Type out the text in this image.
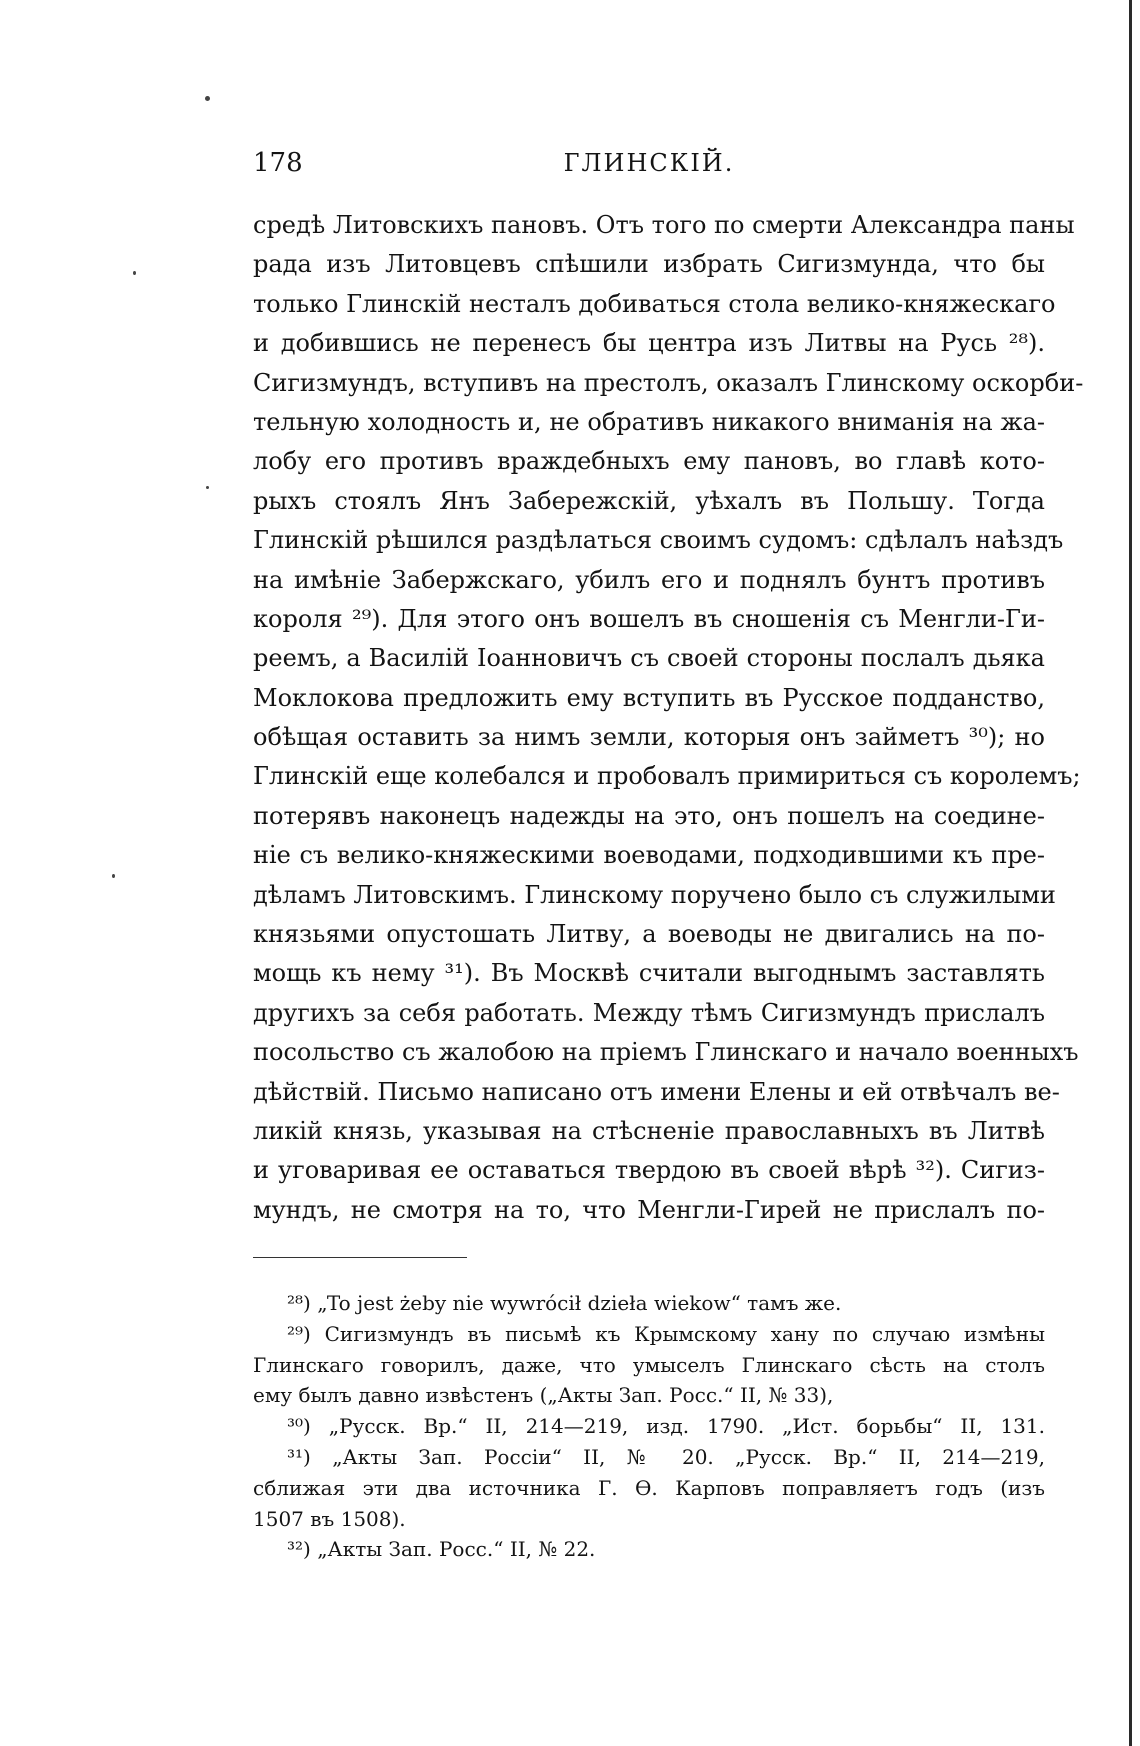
178	ГЛИНСКІЙ.
средѣ Литовскихъ пановъ. Отъ того по смерти Александра паны
рада изъ Литовцевъ спѣшили избрать Сигизмунда, что бы
только Глинскій несталъ добиваться стола велико-княжескаго
и добившись не перенесъ бы центра изъ Литвы на Русь ²⁸).
Сигизмундъ, вступивъ на престолъ, оказалъ Глинскому оскорби-
тельную холодность и, не обративъ никакого вниманія на жа-
лобу его противъ враждебныхъ ему пановъ, во главѣ кото-
рыхъ стоялъ Янъ Забережскій, уѣхалъ въ Польшу. Тогда
Глинскій рѣшился раздѣлаться своимъ судомъ: сдѣлалъ наѣздъ
на имѣніе Забержскаго, убилъ его и поднялъ бунтъ противъ
короля ²⁹). Для этого онъ вошелъ въ сношенія съ Менгли-Ги-
реемъ, а Василій Іоанновичъ съ своей стороны послалъ дьяка
Моклокова предложить ему вступить въ Русское подданство,
обѣщая оставить за нимъ земли, которыя онъ займетъ ³⁰); но
Глинскій еще колебался и пробовалъ примириться съ королемъ;
потерявъ наконецъ надежды на это, онъ пошелъ на соедине-
ніе съ велико-княжескими воеводами, подходившими къ пре-
дѣламъ Литовскимъ. Глинскому поручено было съ служилыми
князьями опустошать Литву, а воеводы не двигались на по-
мощь къ нему ³¹). Въ Москвѣ считали выгоднымъ заставлять
другихъ за себя работать. Между тѣмъ Сигизмундъ прислалъ
посольство съ жалобою на пріемъ Глинскаго и начало военныхъ
дѣйствій. Письмо написано отъ имени Елены и ей отвѣчалъ ве-
ликій князь, указывая на стѣсненіе православныхъ въ Литвѣ
и уговаривая ее оставаться твердою въ своей вѣрѣ ³²). Сигиз-
мундъ, не смотря на то, что Менгли-Гирей не прислалъ по-
²⁸) „To jest żeby nie wywrócił dzieła wiekow“ тамъ же.
²⁹) Сигизмундъ въ письмѣ къ Крымскому хану по случаю измѣны
Глинскаго говорилъ, даже, что умыселъ Глинскаго сѣсть на столъ
ему былъ давно извѣстенъ („Акты Зап. Росс.“ II, № 33),
³⁰) „Русск. Вр.“ II, 214—219, изд. 1790. „Ист. борьбы“ II, 131.
³¹) „Акты Зап. Россіи“ II, № 20. „Русск. Вр.“ II, 214—219,
сближая эти два источника Г. Ө. Карповъ поправляетъ годъ (изъ
1507 въ 1508).
³²) „Акты Зап. Росс.“ II, № 22.
